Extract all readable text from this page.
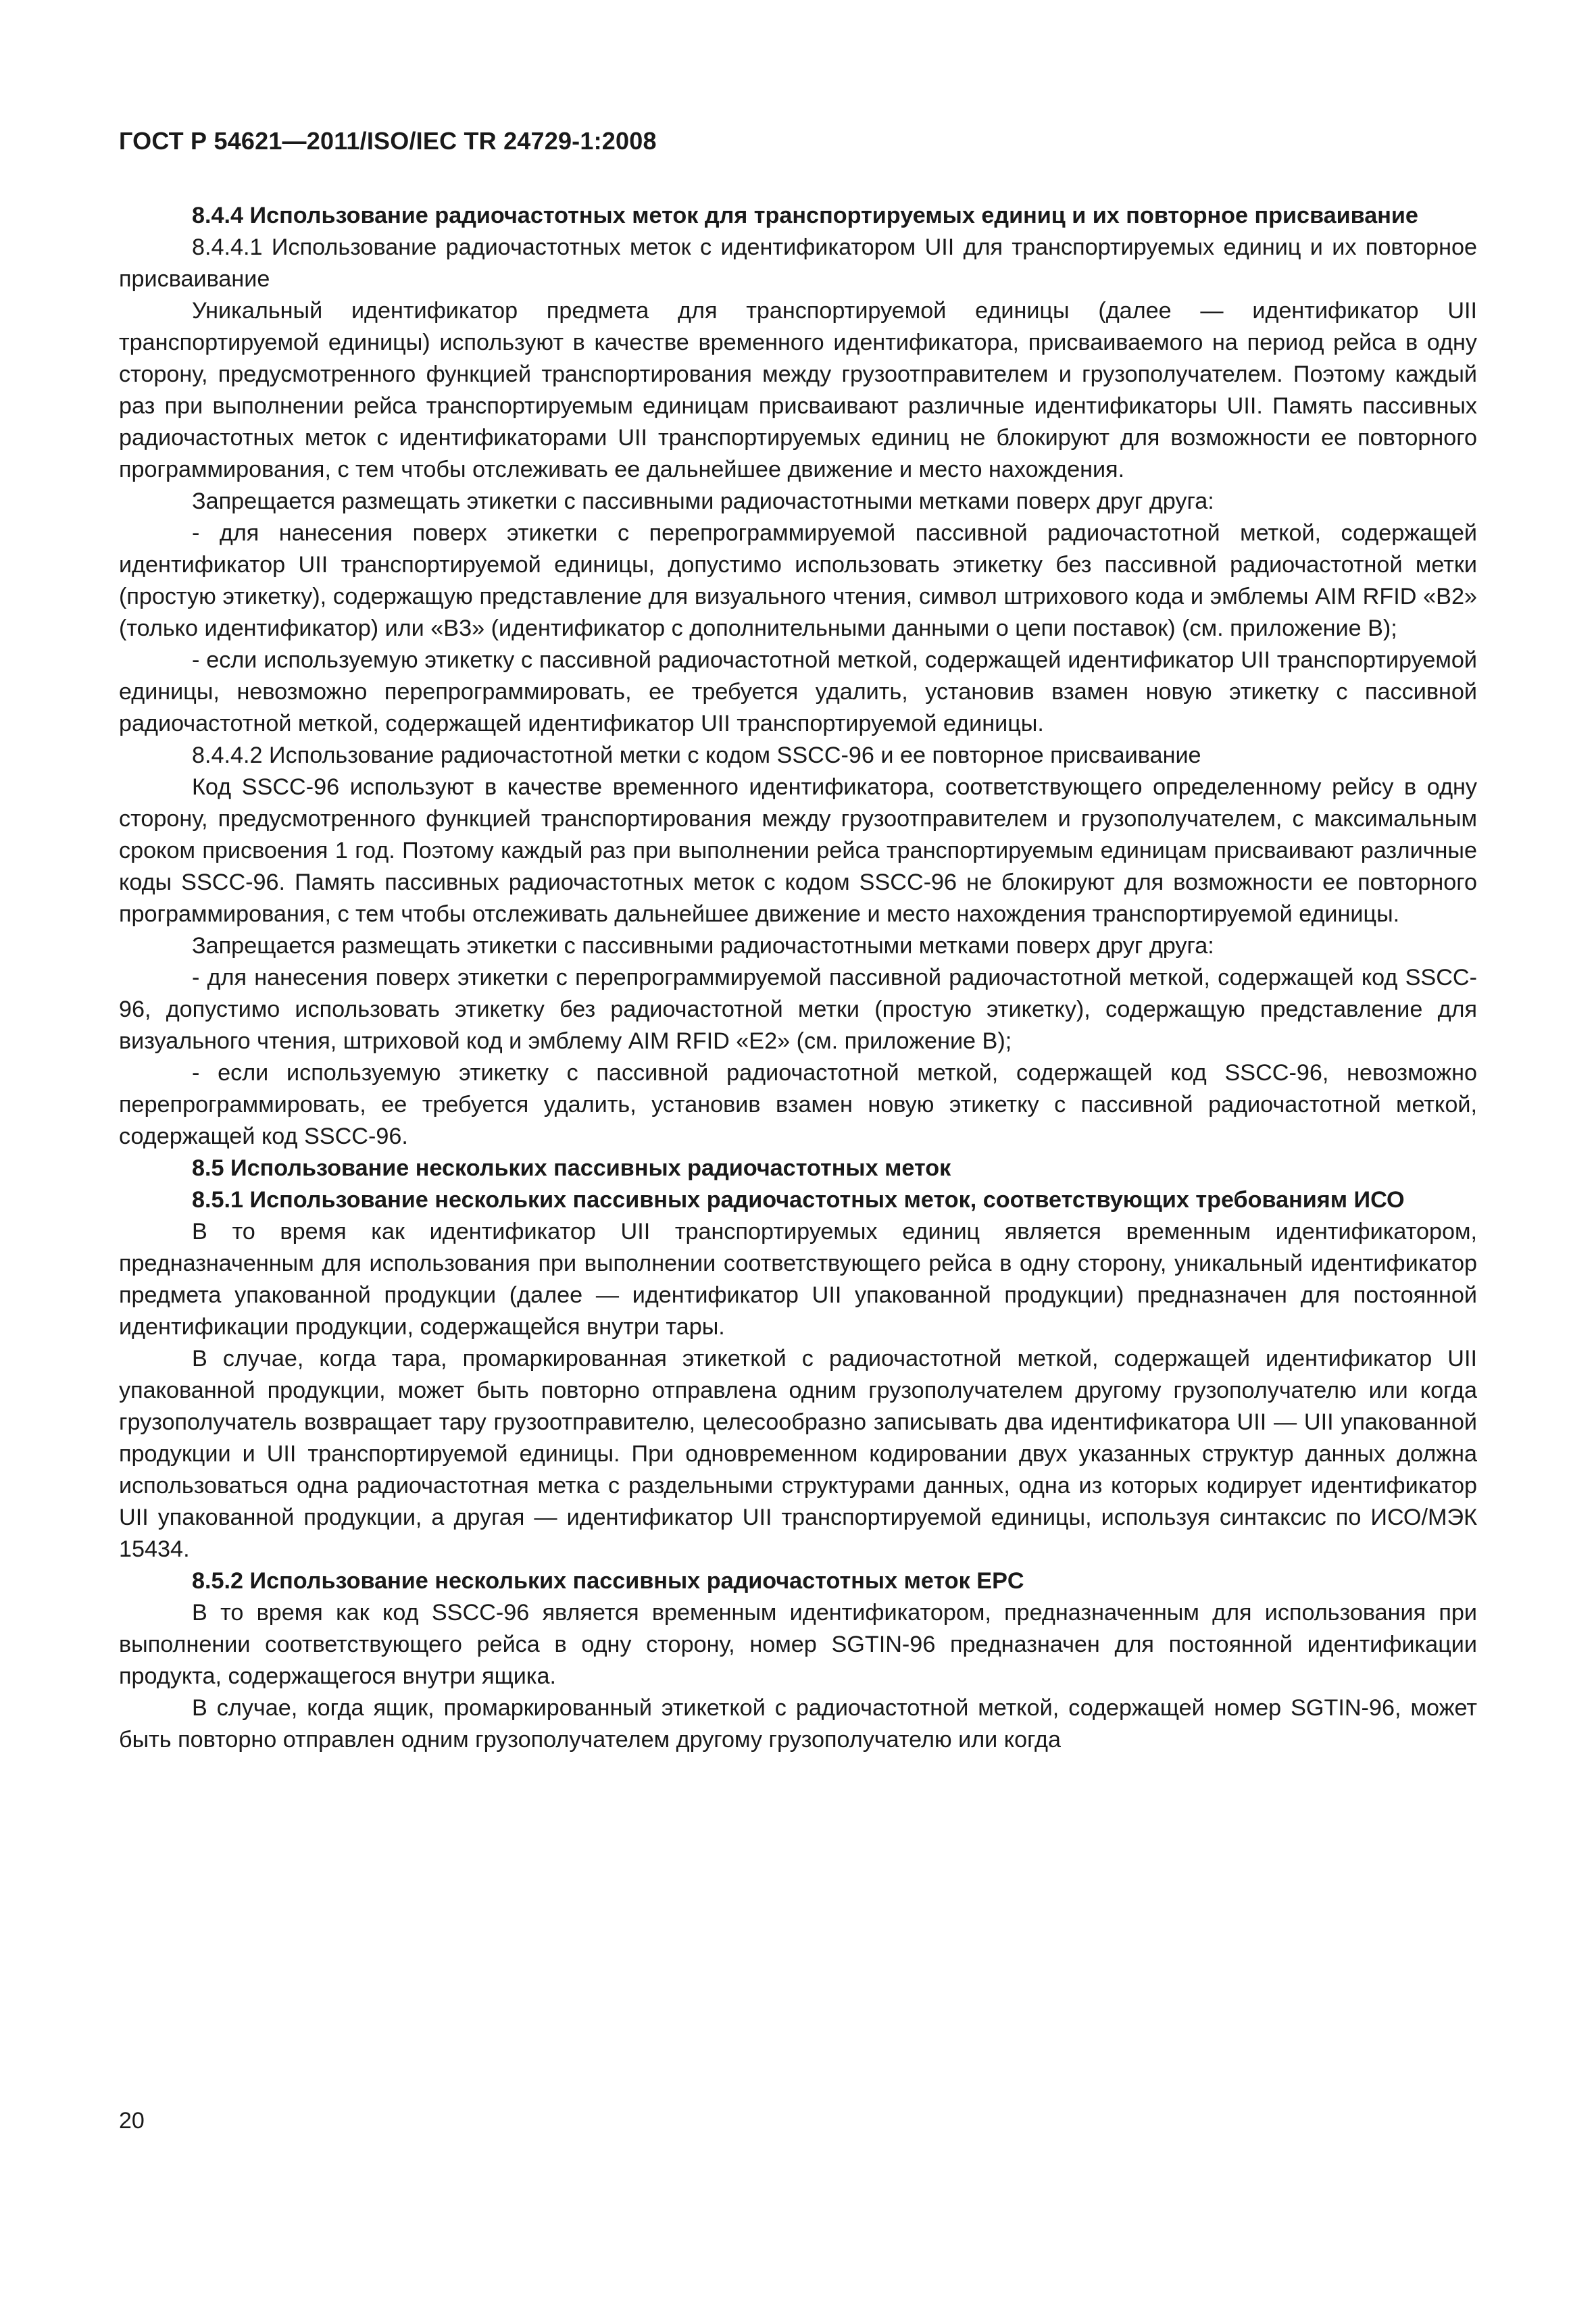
ГОСТ Р 54621—2011/ISO/IEC TR 24729-1:2008

8.4.4 Использование радиочастотных меток для транспортируемых единиц и их повторное присваивание

8.4.4.1 Использование радиочастотных меток с идентификатором UII для транспортируемых единиц и их повторное присваивание

Уникальный идентификатор предмета для транспортируемой единицы (далее — идентификатор UII транспортируемой единицы) используют в качестве временного идентификатора, присваиваемого на период рейса в одну сторону, предусмотренного функцией транспортирования между грузоотправителем и грузополучателем. Поэтому каждый раз при выполнении рейса транспортируемым единицам присваивают различные идентификаторы UII. Память пассивных радиочастотных меток с идентификаторами UII транспортируемых единиц не блокируют для возможности ее повторного программирования, с тем чтобы отслеживать ее дальнейшее движение и место нахождения.

Запрещается размещать этикетки с пассивными радиочастотными метками поверх друг друга:

- для нанесения поверх этикетки с перепрограммируемой пассивной радиочастотной меткой, содержащей идентификатор UII транспортируемой единицы, допустимо использовать этикетку без пассивной радиочастотной метки (простую этикетку), содержащую представление для визуального чтения, символ штрихового кода и эмблемы AIM RFID «B2» (только идентификатор) или «B3» (идентификатор с дополнительными данными о цепи поставок) (см. приложение В);

- если используемую этикетку с пассивной радиочастотной меткой, содержащей идентификатор UII транспортируемой единицы, невозможно перепрограммировать, ее требуется удалить, установив взамен новую этикетку с пассивной радиочастотной меткой, содержащей идентификатор UII транспортируемой единицы.

8.4.4.2 Использование радиочастотной метки с кодом SSCC-96 и ее повторное присваивание

Код SSCC-96 используют в качестве временного идентификатора, соответствующего определенному рейсу в одну сторону, предусмотренного функцией транспортирования между грузоотправителем и грузополучателем, с максимальным сроком присвоения 1 год. Поэтому каждый раз при выполнении рейса транспортируемым единицам присваивают различные коды SSCC-96. Память пассивных радиочастотных меток с кодом SSCC-96 не блокируют для возможности ее повторного программирования, с тем чтобы отслеживать дальнейшее движение и место нахождения транспортируемой единицы.

Запрещается размещать этикетки с пассивными радиочастотными метками поверх друг друга:

- для нанесения поверх этикетки с перепрограммируемой пассивной радиочастотной меткой, содержащей код SSCC-96, допустимо использовать этикетку без радиочастотной метки (простую этикетку), содержащую представление для визуального чтения, штриховой код и эмблему AIM RFID «E2» (см. приложение В);

- если используемую этикетку с пассивной радиочастотной меткой, содержащей код SSCC-96, невозможно перепрограммировать, ее требуется удалить, установив взамен новую этикетку с пассивной радиочастотной меткой, содержащей код SSCC-96.

8.5 Использование нескольких пассивных радиочастотных меток

8.5.1 Использование нескольких пассивных радиочастотных меток, соответствующих требованиям ИСО

В то время как идентификатор UII транспортируемых единиц является временным идентификатором, предназначенным для использования при выполнении соответствующего рейса в одну сторону, уникальный идентификатор предмета упакованной продукции (далее — идентификатор UII упакованной продукции) предназначен для постоянной идентификации продукции, содержащейся внутри тары.

В случае, когда тара, промаркированная этикеткой с радиочастотной меткой, содержащей идентификатор UII упакованной продукции, может быть повторно отправлена одним грузополучателем другому грузополучателю или когда грузополучатель возвращает тару грузоотправителю, целесообразно записывать два идентификатора UII — UII упакованной продукции и UII транспортируемой единицы. При одновременном кодировании двух указанных структур данных должна использоваться одна радиочастотная метка с раздельными структурами данных, одна из которых кодирует идентификатор UII упакованной продукции, а другая — идентификатор UII транспортируемой единицы, используя синтаксис по ИСО/МЭК 15434.

8.5.2 Использование нескольких пассивных радиочастотных меток EPC

В то время как код SSCC-96 является временным идентификатором, предназначенным для использования при выполнении соответствующего рейса в одну сторону, номер SGTIN-96 предназначен для постоянной идентификации продукта, содержащегося внутри ящика.

В случае, когда ящик, промаркированный этикеткой с радиочастотной меткой, содержащей номер SGTIN-96, может быть повторно отправлен одним грузополучателем другому грузополучателю или когда

20
